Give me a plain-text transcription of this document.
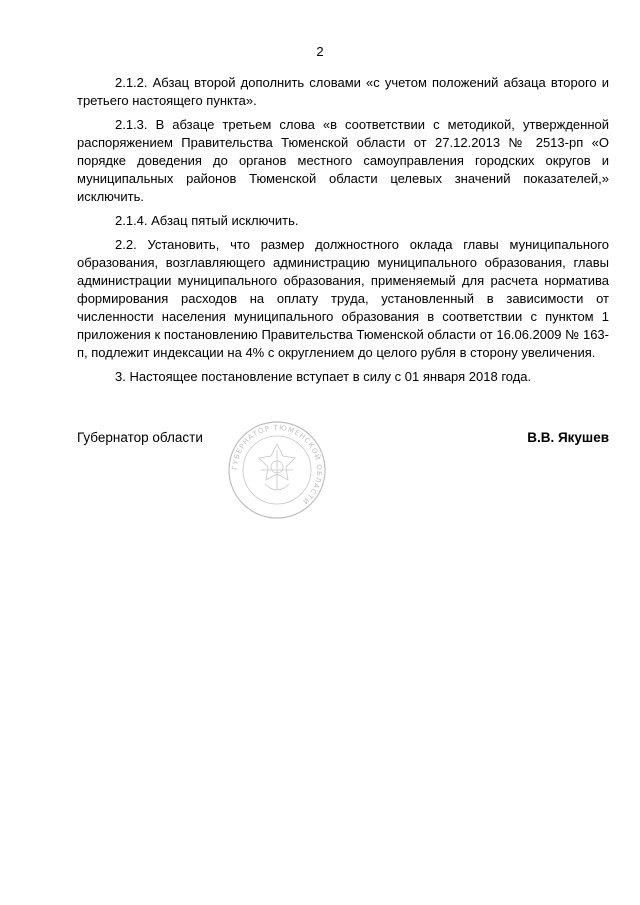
2

2.1.2. Абзац второй дополнить словами «с учетом положений абзаца второго и третьего настоящего пункта».

2.1.3. В абзаце третьем слова «в соответствии с методикой, утвержденной распоряжением Правительства Тюменской области от 27.12.2013 № 2513-рп «О порядке доведения до органов местного самоуправления городских округов и муниципальных районов Тюменской области целевых значений показателей,» исключить.

2.1.4. Абзац пятый исключить.

2.2. Установить, что размер должностного оклада главы муниципального образования, возглавляющего администрацию муниципального образования, главы администрации муниципального образования, применяемый для расчета норматива формирования расходов на оплату труда, установленный в зависимости от численности населения муниципального образования в соответствии с пунктом 1 приложения к постановлению Правительства Тюменской области от 16.06.2009 № 163-п, подлежит индексации на 4% с округлением до целого рубля в сторону увеличения.

3. Настоящее постановление вступает в силу с 01 января 2018 года.

Губернатор области
ГУБЕРНАТОР ТЮМЕНСКОЙ ОБЛАСТИ
В.В. Якушев
